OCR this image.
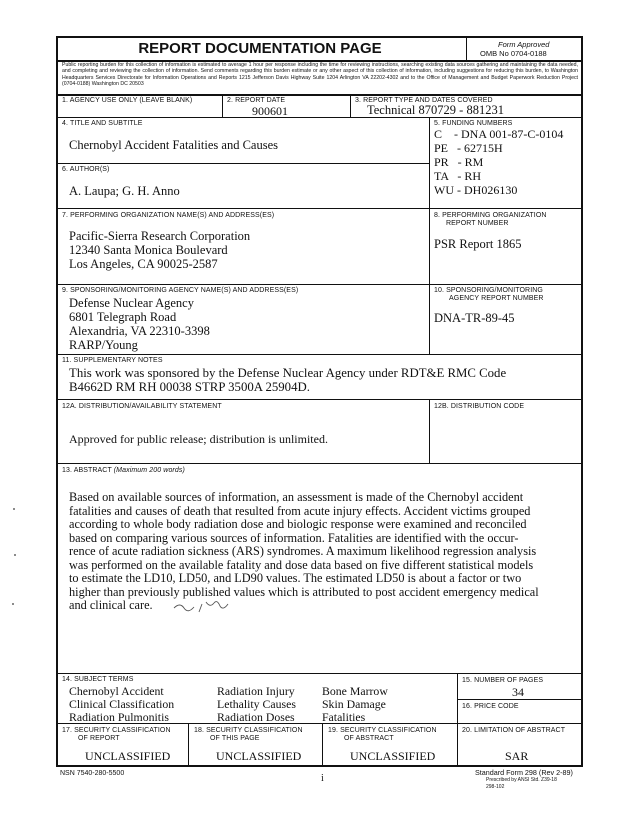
REPORT DOCUMENTATION PAGE	Form Approved
OMB No 0704-0188
Public reporting burden for this collection of information is estimated to average 1 hour per response including the time for reviewing instructions, searching existing data sources gathering and maintaining the data needed, and completing and reviewing the collection of information. Send comments regarding this burden estimate or any other aspect of this collection of information, including suggestions for reducing this burden, to Washington Headquarters Services Directorate for Information Operations and Reports 1215 Jefferson Davis Highway Suite 1204 Arlington VA 22202-4302 and to the Office of Management and Budget Paperwork Reduction Project (0704-0188) Washington DC 20503
1. AGENCY USE ONLY (LEAVE BLANK)	2. REPORT DATE
900601
3. REPORT TYPE AND DATES COVERED
Technical 870729 - 881231
4. TITLE AND SUBTITLE
Chernobyl Accident Fatalities and Causes
5. FUNDING NUMBERS
C    - DNA 001-87-C-0104
PE   - 62715H
PR   - RM
TA   - RH
WU - DH026130
6. AUTHOR(S)
A. Laupa; G. H. Anno
7. PERFORMING ORGANIZATION NAME(S) AND ADDRESS(ES)
Pacific-Sierra Research Corporation
12340 Santa Monica Boulevard
Los Angeles, CA 90025-2587
8. PERFORMING ORGANIZATION
REPORT NUMBER
PSR Report 1865
9. SPONSORING/MONITORING AGENCY NAME(S) AND ADDRESS(ES)
Defense Nuclear Agency
6801 Telegraph Road
Alexandria, VA 22310-3398
RARP/Young
10. SPONSORING/MONITORING
AGENCY REPORT NUMBER
DNA-TR-89-45
11. SUPPLEMENTARY NOTES
This work was sponsored by the Defense Nuclear Agency under RDT&E RMC Code
B4662D RM RH 00038 STRP 3500A 25904D.
12A. DISTRIBUTION/AVAILABILITY STATEMENT
Approved for public release; distribution is unlimited.
12B. DISTRIBUTION CODE
13. ABSTRACT (Maximum 200 words)
Based on available sources of information, an assessment is made of the Chernobyl accident
fatalities and causes of death that resulted from acute injury effects. Accident victims grouped
according to whole body radiation dose and biologic response were examined and reconciled
based on comparing various sources of information. Fatalities are identified with the occur-
rence of acute radiation sickness (ARS) syndromes. A maximum likelihood regression analysis
was performed on the available fatality and dose data based on five different statistical models
to estimate the LD10, LD50, and LD90 values. The estimated LD50 is about a factor or two
higher than previously published values which is attributed to post accident emergency medical
and clinical care.
14. SUBJECT TERMS
Chernobyl Accident
Clinical Classification
Radiation Pulmonitis
Radiation Injury
Lethality Causes
Radiation Doses
Bone Marrow
Skin Damage
Fatalities
15. NUMBER OF PAGES
34
16. PRICE CODE
17. SECURITY CLASSIFICATION
OF REPORT
UNCLASSIFIED
18. SECURITY CLASSIFICATION
OF THIS PAGE
UNCLASSIFIED
19. SECURITY CLASSIFICATION
OF ABSTRACT
UNCLASSIFIED
20. LIMITATION OF ABSTRACT
SAR
NSN 7540-280-5500	i
Standard Form 298 (Rev 2-89)
Prescribed by ANSI Std. Z39-18
298-102
